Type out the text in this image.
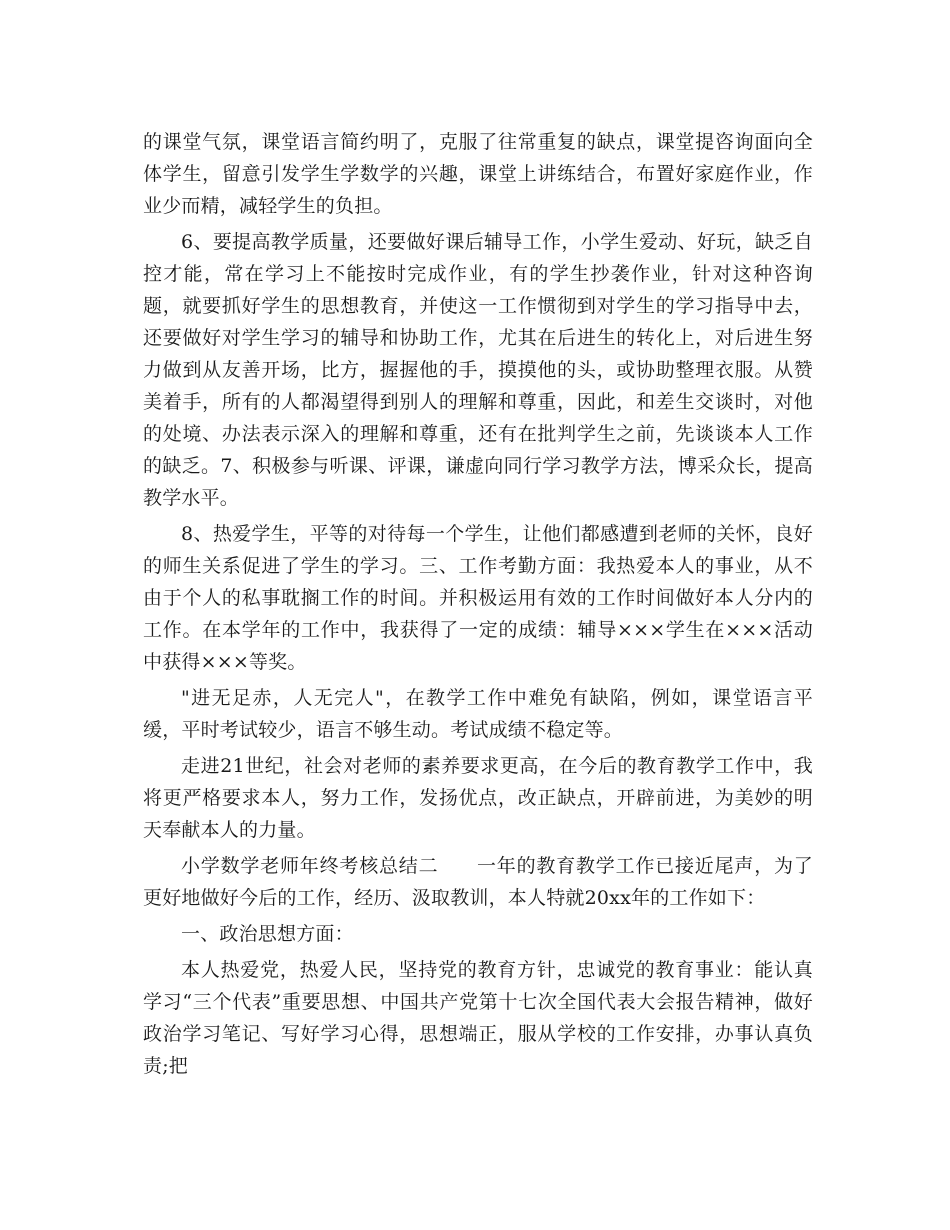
的课堂气氛，课堂语言简约明了，克服了往常重复的缺点，课堂提咨询面向全体学生，留意引发学生学数学的兴趣，课堂上讲练结合，布置好家庭作业，作业少而精，减轻学生的负担。

6、要提高教学质量，还要做好课后辅导工作，小学生爱动、好玩，缺乏自控才能，常在学习上不能按时完成作业，有的学生抄袭作业，针对这种咨询题，就要抓好学生的思想教育，并使这一工作惯彻到对学生的学习指导中去，还要做好对学生学习的辅导和协助工作，尤其在后进生的转化上，对后进生努力做到从友善开场，比方，握握他的手，摸摸他的头，或协助整理衣服。从赞美着手，所有的人都渴望得到别人的理解和尊重，因此，和差生交谈时，对他的处境、办法表示深入的理解和尊重，还有在批判学生之前，先谈谈本人工作的缺乏。7、积极参与听课、评课，谦虚向同行学习教学方法，博采众长，提高教学水平。

8、热爱学生，平等的对待每一个学生，让他们都感遭到老师的关怀，良好的师生关系促进了学生的学习。三、工作考勤方面：我热爱本人的事业，从不由于个人的私事耽搁工作的时间。并积极运用有效的工作时间做好本人分内的工作。在本学年的工作中，我获得了一定的成绩：辅导×××学生在×××活动中获得×××等奖。

"进无足赤，人无完人"，在教学工作中难免有缺陷，例如，课堂语言平缓，平时考试较少，语言不够生动。考试成绩不稳定等。

走进21世纪，社会对老师的素养要求更高，在今后的教育教学工作中，我将更严格要求本人，努力工作，发扬优点，改正缺点，开辟前进，为美妙的明天奉献本人的力量。

小学数学老师年终考核总结二 一年的教育教学工作已接近尾声，为了更好地做好今后的工作，经历、汲取教训，本人特就20xx年的工作如下：

一、政治思想方面：

本人热爱党，热爱人民，坚持党的教育方针，忠诚党的教育事业：能认真学习“三个代表”重要思想、中国共产党第十七次全国代表大会报告精神，做好政治学习笔记、写好学习心得，思想端正，服从学校的工作安排，办事认真负责;把
